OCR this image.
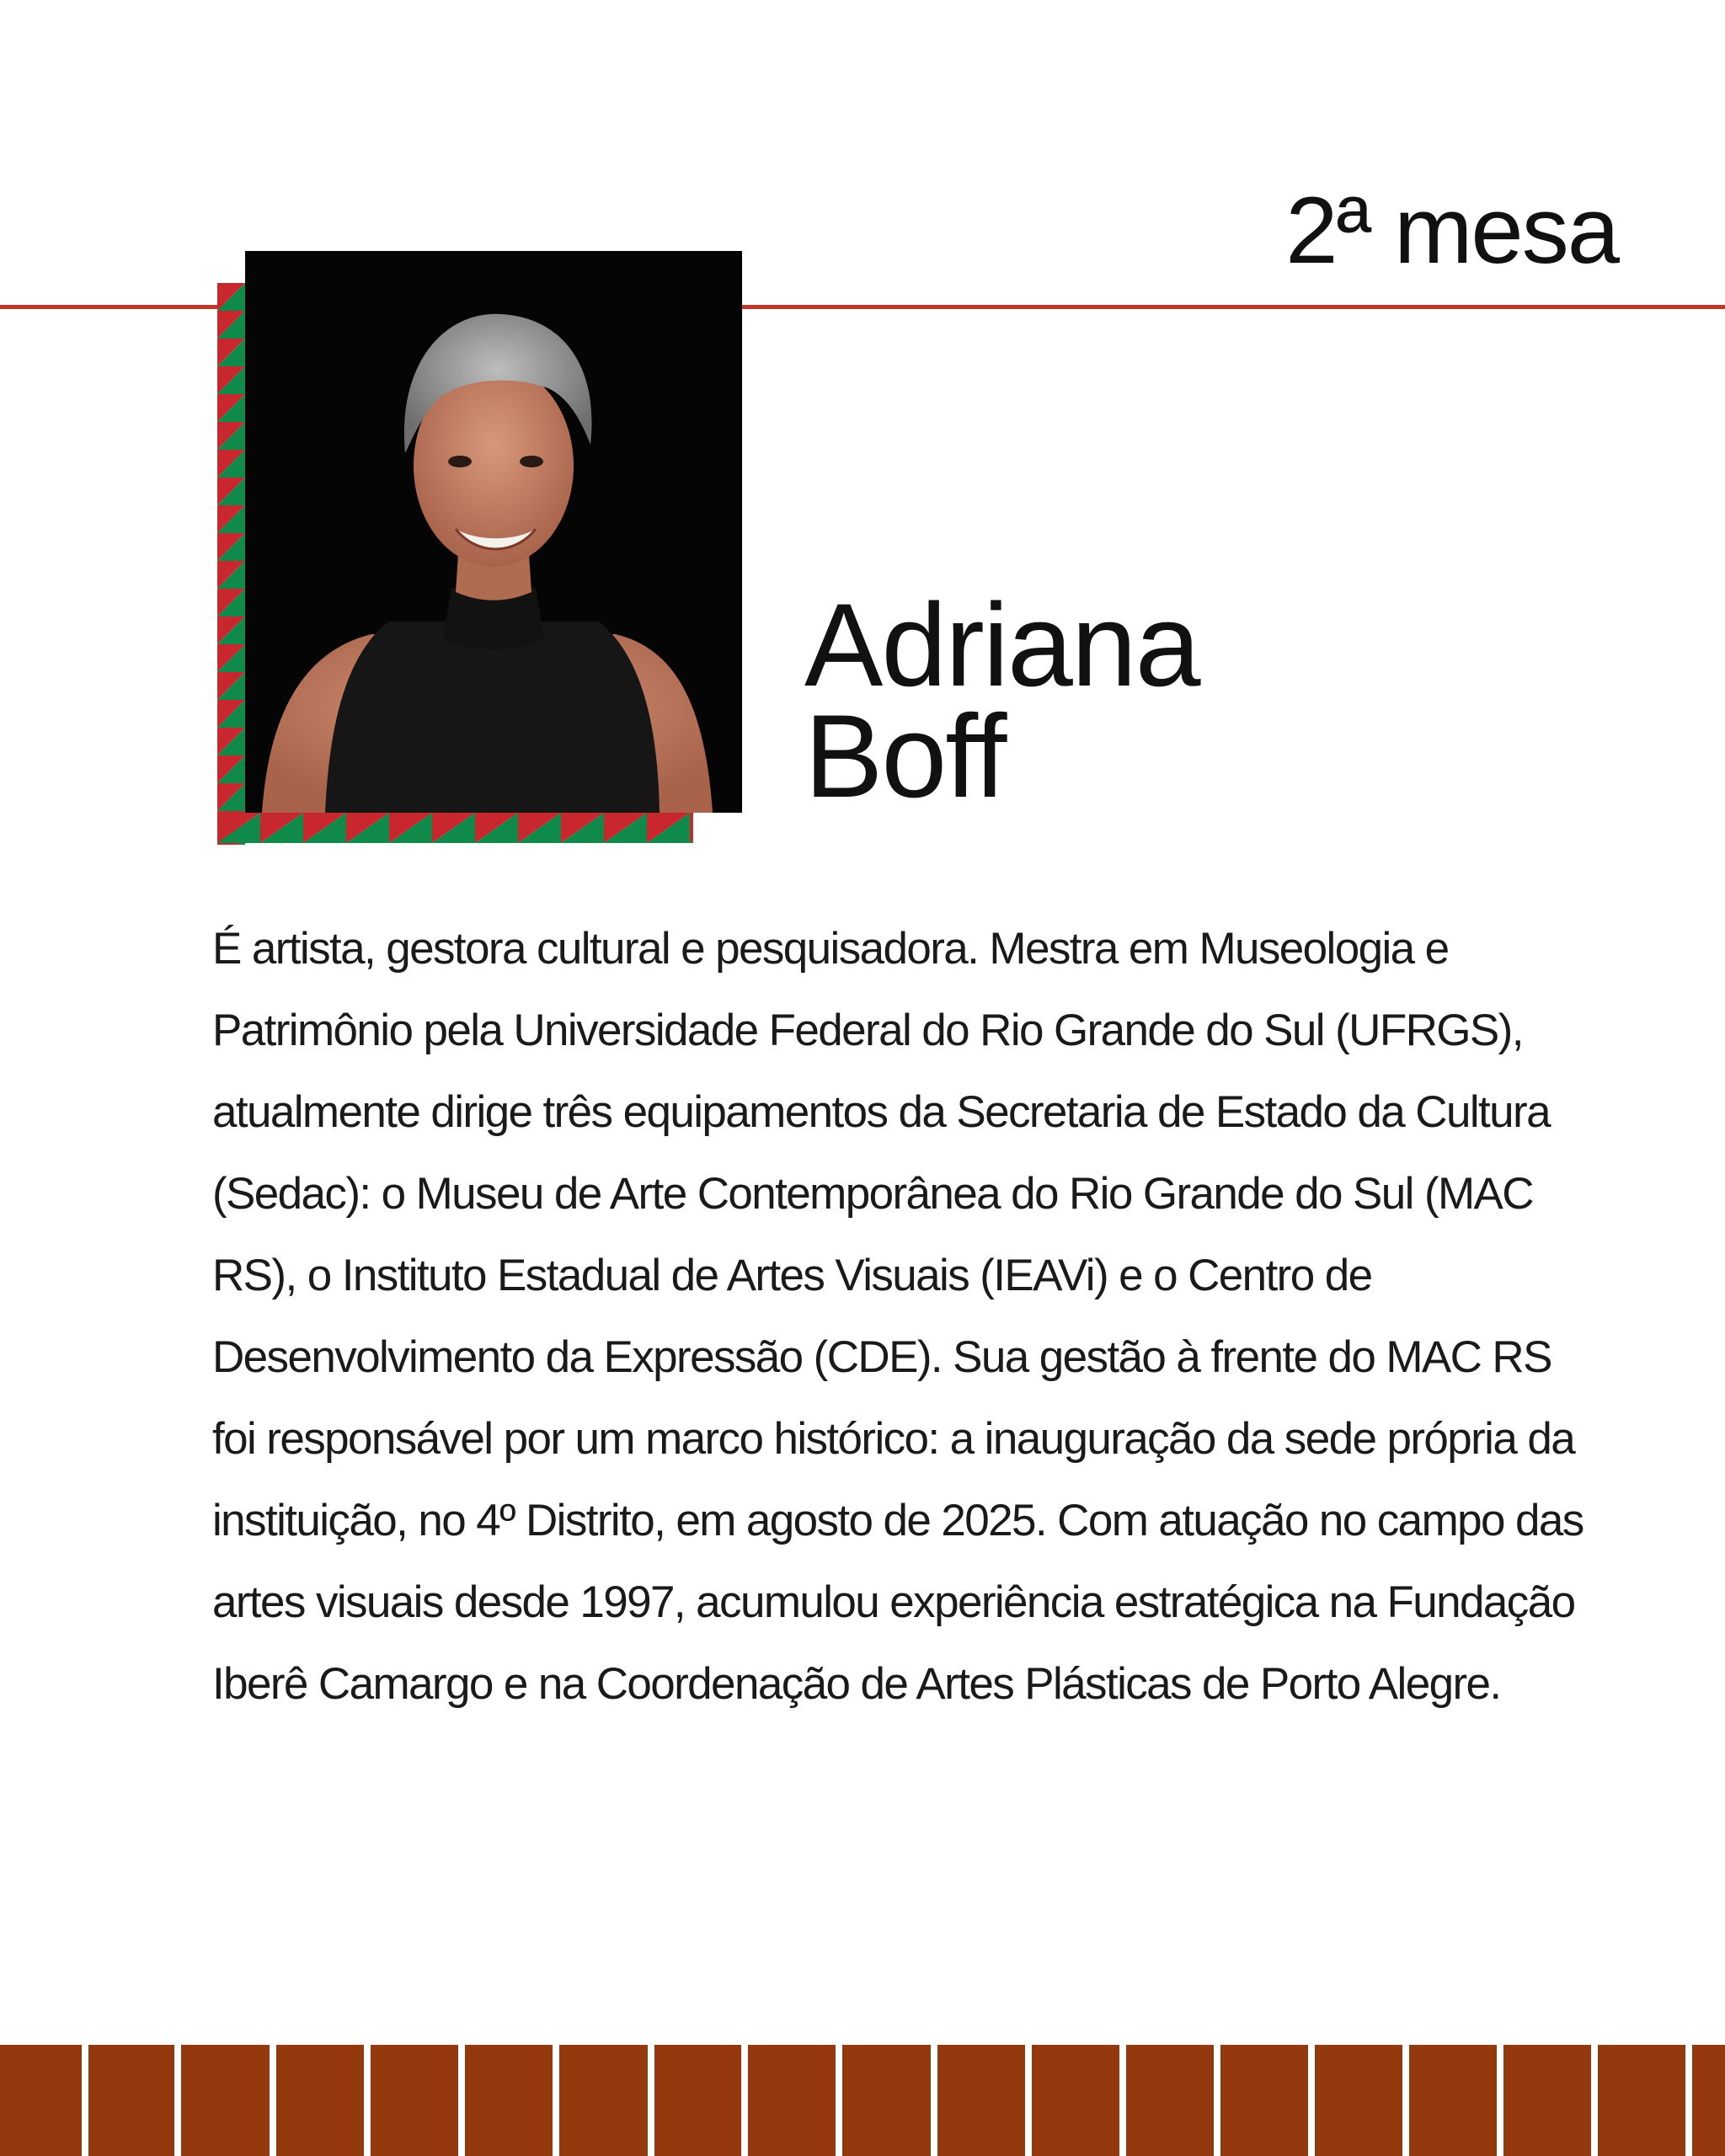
2ª mesa
Adriana
Boff

É artista, gestora cultural e pesquisadora. Mestra em Museologia e Patrimônio pela Universidade Federal do Rio Grande do Sul (UFRGS), atualmente dirige três equipamentos da Secretaria de Estado da Cultura (Sedac): o Museu de Arte Contemporânea do Rio Grande do Sul (MAC RS), o Instituto Estadual de Artes Visuais (IEAVi) e o Centro de Desenvolvimento da Expressão (CDE). Sua gestão à frente do MAC RS foi responsável por um marco histórico: a inauguração da sede própria da instituição, no 4º Distrito, em agosto de 2025. Com atuação no campo das artes visuais desde 1997, acumulou experiência estratégica na Fundação Iberê Camargo e na Coordenação de Artes Plásticas de Porto Alegre.
